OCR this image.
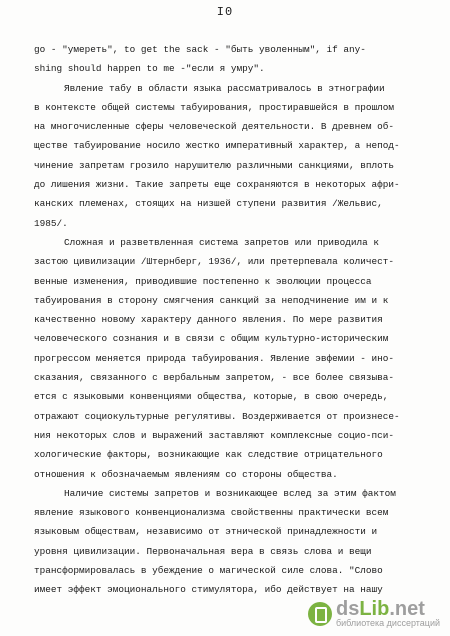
I0
go - "умереть", to get the sack - "быть уволенным", if any-
shing should happen to me -"если я умру".
Явление табу в области языка рассматривалось в этнографии
в контексте общей системы табуирования, простиравшейся в прошлом
на многочисленные сферы человеческой деятельности. В древнем об-
ществе табуирование носило жестко императивный характер, а непод-
чинение запретам грозило нарушителю различными санкциями, вплоть
до лишения жизни. Такие запреты еще сохраняются в некоторых афри-
канских племенах, стоящих на низшей ступени развития /Жельвис,
1985/.
Сложная и разветвленная система запретов или приводила к
застою цивилизации /Штернберг, 1936/, или претерпевала количест-
венные изменения, приводившие постепенно к эволюции процесса
табуирования в сторону смягчения санкций за неподчинение им и к
качественно новому характеру данного явления. По мере развития
человеческого сознания и в связи с общим культурно-историческим
прогрессом меняется природа табуирования. Явление эвфемии - ино-
сказания, связанного с вербальным запретом, - все более связыва-
ется с языковыми конвенциями общества, которые, в свою очередь,
отражают социокультурные регулятивы. Воздерживается от произнесе-
ния некоторых слов и выражений заставляют комплексные социо-пси-
хологические факторы, возникающие как следствие отрицательного
отношения к обозначаемым явлениям со стороны общества.
Наличие системы запретов и возникающее вслед за этим фактом
явление языкового конвенционализма свойственны практически всем
языковым обществам, независимо от этнической принадлежности и
уровня цивилизации. Первоначальная вера в связь слова и вещи
трансформировалась в убеждение о магической силе слова. "Слово
имеет эффект эмоционального стимулятора, ибо действует на нашу
dsLib.net
библиотека диссертаций
